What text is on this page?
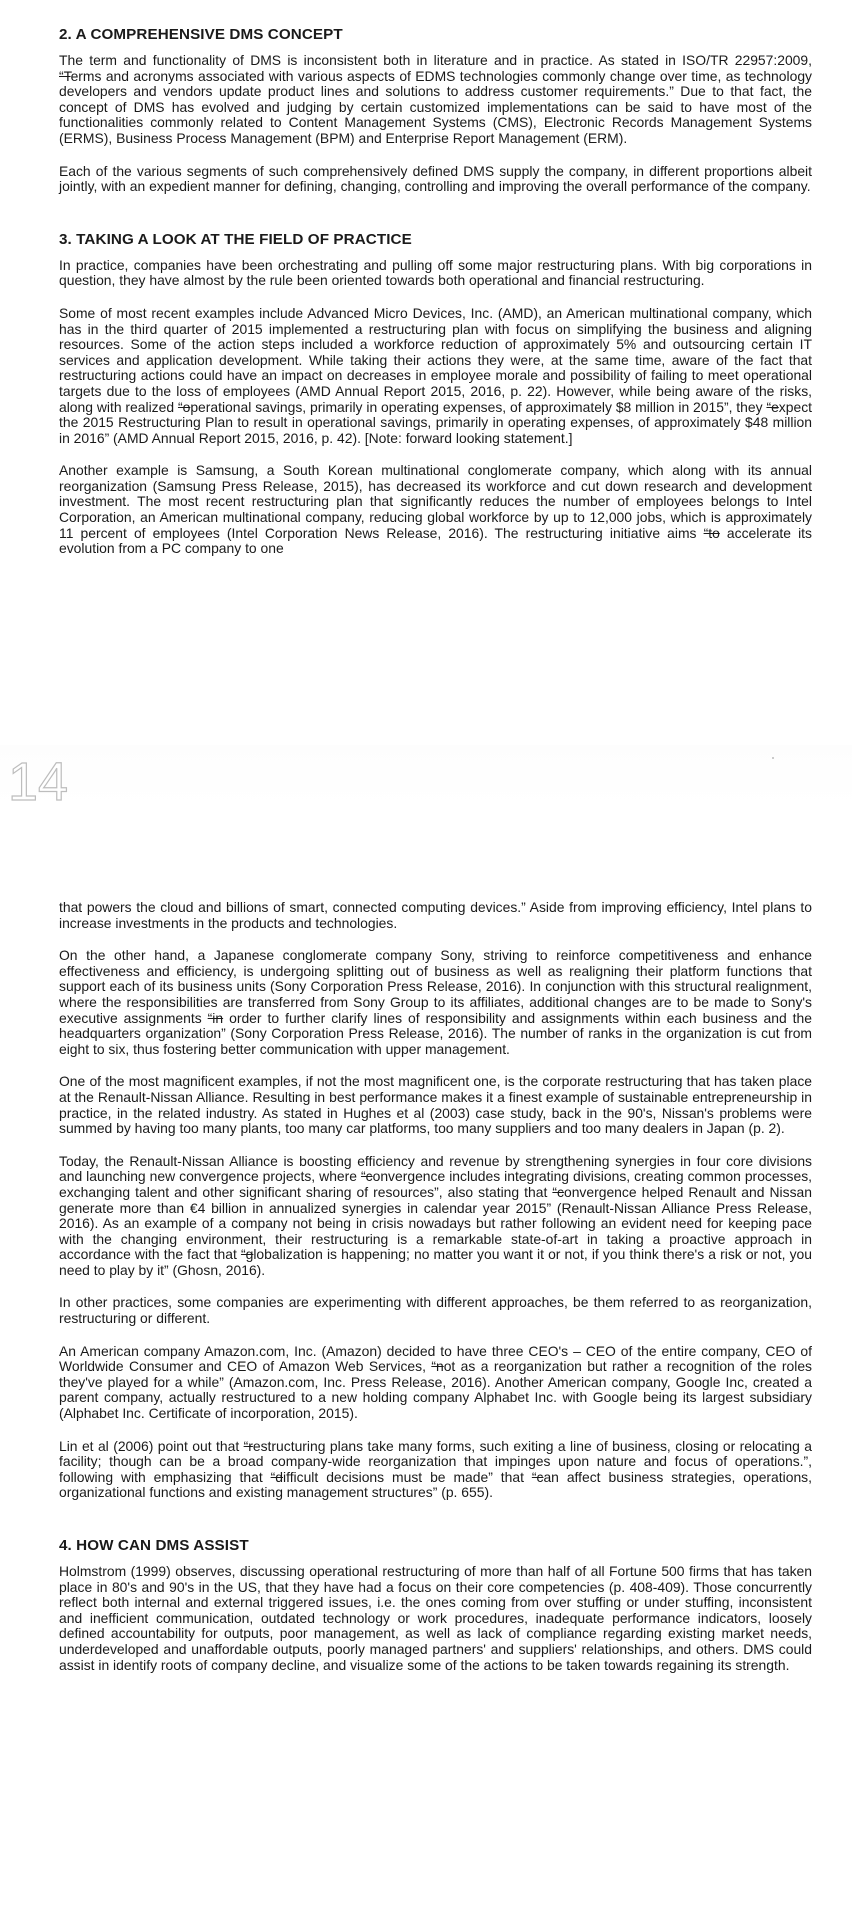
2. A COMPREHENSIVE DMS CONCEPT

The term and functionality of DMS is inconsistent both in literature and in practice. As stated in ISO/TR 22957:2009, “Terms and acronyms associated with various aspects of EDMS technologies commonly change over time, as technology developers and vendors update product lines and solutions to address customer requirements.” Due to that fact, the concept of DMS has evolved and judging by certain customized implementations can be said to have most of the functionalities commonly related to Content Management Systems (CMS), Electronic Records Management Systems (ERMS), Business Process Management (BPM) and Enterprise Report Management (ERM).

Each of the various segments of such comprehensively defined DMS supply the company, in different proportions albeit jointly, with an expedient manner for defining, changing, controlling and improving the overall performance of the company.

3. TAKING A LOOK AT THE FIELD OF PRACTICE

In practice, companies have been orchestrating and pulling off some major restructuring plans. With big corporations in question, they have almost by the rule been oriented towards both operational and financial restructuring.

Some of most recent examples include Advanced Micro Devices, Inc. (AMD), an American multinational company, which has in the third quarter of 2015 implemented a restructuring plan with focus on simplifying the business and aligning resources. Some of the action steps included a workforce reduction of approximately 5% and outsourcing certain IT services and application development. While taking their actions they were, at the same time, aware of the fact that restructuring actions could have an impact on decreases in employee morale and possibility of failing to meet operational targets due to the loss of employees (AMD Annual Report 2015, 2016, p. 22). However, while being aware of the risks, along with realized “operational savings, primarily in operating expenses, of approximately $8 million in 2015”, they “expect the 2015 Restructuring Plan to result in operational savings, primarily in operating expenses, of approximately $48 million in 2016” (AMD Annual Report 2015, 2016, p. 42). [Note: forward looking statement.]

Another example is Samsung, a South Korean multinational conglomerate company, which along with its annual reorganization (Samsung Press Release, 2015), has decreased its workforce and cut down research and development investment. The most recent restructuring plan that significantly reduces the number of employees belongs to Intel Corporation, an American multinational company, reducing global workforce by up to 12,000 jobs, which is approximately 11 percent of employees (Intel Corporation News Release, 2016). The restructuring initiative aims “to accelerate its evolution from a PC company to one

14

that powers the cloud and billions of smart, connected computing devices.” Aside from improving efficiency, Intel plans to increase investments in the products and technologies.

On the other hand, a Japanese conglomerate company Sony, striving to reinforce competitiveness and enhance effectiveness and efficiency, is undergoing splitting out of business as well as realigning their platform functions that support each of its business units (Sony Corporation Press Release, 2016). In conjunction with this structural realignment, where the responsibilities are transferred from Sony Group to its affiliates, additional changes are to be made to Sony's executive assignments “in order to further clarify lines of responsibility and assignments within each business and the headquarters organization” (Sony Corporation Press Release, 2016). The number of ranks in the organization is cut from eight to six, thus fostering better communication with upper management.

One of the most magnificent examples, if not the most magnificent one, is the corporate restructuring that has taken place at the Renault-Nissan Alliance. Resulting in best performance makes it a finest example of sustainable entrepreneurship in practice, in the related industry. As stated in Hughes et al (2003) case study, back in the 90's, Nissan's problems were summed by having too many plants, too many car platforms, too many suppliers and too many dealers in Japan (p. 2).

Today, the Renault-Nissan Alliance is boosting efficiency and revenue by strengthening synergies in four core divisions and launching new convergence projects, where “convergence includes integrating divisions, creating common processes, exchanging talent and other significant sharing of resources”, also stating that “convergence helped Renault and Nissan generate more than €4 billion in annualized synergies in calendar year 2015” (Renault-Nissan Alliance Press Release, 2016). As an example of a company not being in crisis nowadays but rather following an evident need for keeping pace with the changing environment, their restructuring is a remarkable state-of-art in taking a proactive approach in accordance with the fact that “globalization is happening; no matter you want it or not, if you think there's a risk or not, you need to play by it” (Ghosn, 2016).

In other practices, some companies are experimenting with different approaches, be them referred to as reorganization, restructuring or different.

An American company Amazon.com, Inc. (Amazon) decided to have three CEO's – CEO of the entire company, CEO of Worldwide Consumer and CEO of Amazon Web Services, “not as a reorganization but rather a recognition of the roles they've played for a while” (Amazon.com, Inc. Press Release, 2016). Another American company, Google Inc, created a parent company, actually restructured to a new holding company Alphabet Inc. with Google being its largest subsidiary (Alphabet Inc. Certificate of incorporation, 2015).

Lin et al (2006) point out that “restructuring plans take many forms, such exiting a line of business, closing or relocating a facility; though can be a broad company-wide reorganization that impinges upon nature and focus of operations.”, following with emphasizing that “difficult decisions must be made” that “can affect business strategies, operations, organizational functions and existing management structures” (p. 655).

4. HOW CAN DMS ASSIST

Holmstrom (1999) observes, discussing operational restructuring of more than half of all Fortune 500 firms that has taken place in 80's and 90's in the US, that they have had a focus on their core competencies (p. 408-409). Those concurrently reflect both internal and external triggered issues, i.e. the ones coming from over stuffing or under stuffing, inconsistent and inefficient communication, outdated technology or work procedures, inadequate performance indicators, loosely defined accountability for outputs, poor management, as well as lack of compliance regarding existing market needs, underdeveloped and unaffordable outputs, poorly managed partners' and suppliers' relationships, and others. DMS could assist in identify roots of company decline, and visualize some of the actions to be taken towards regaining its strength.
